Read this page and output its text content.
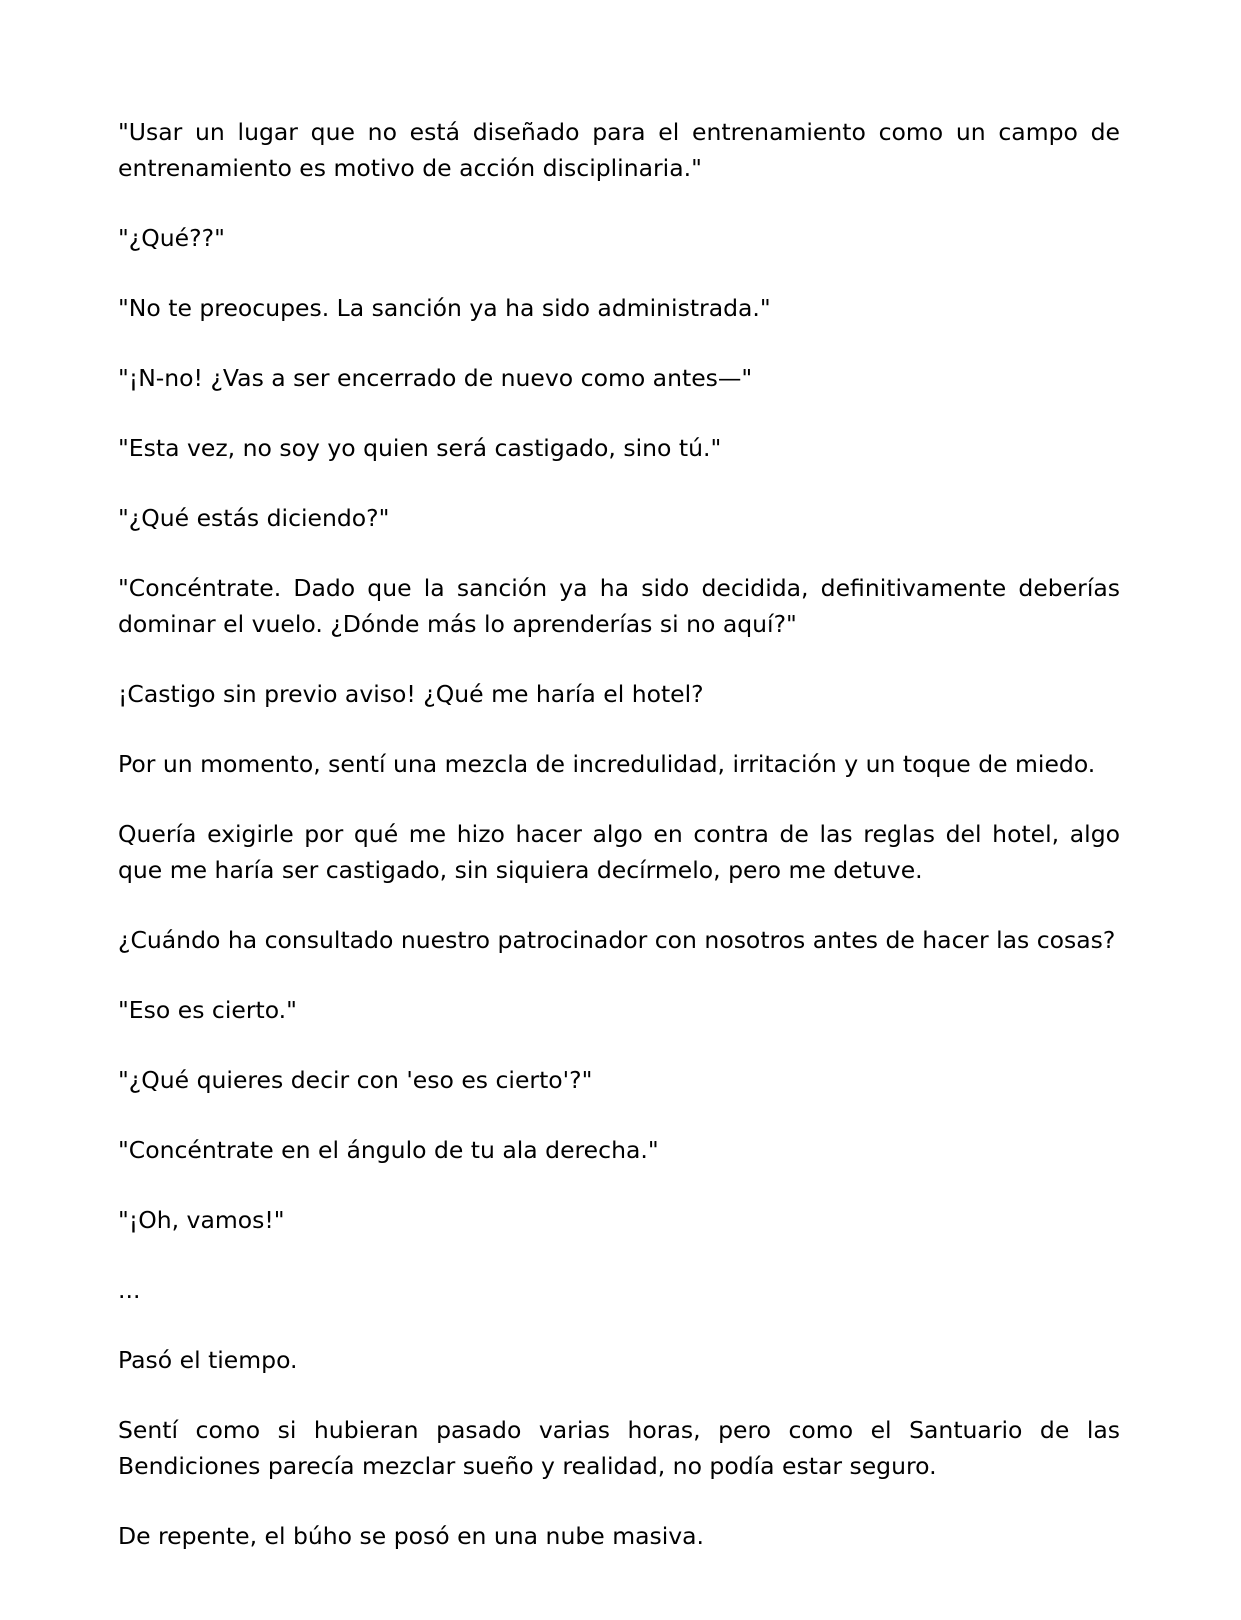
"Usar un lugar que no está diseñado para el entrenamiento como un campo de entrenamiento es motivo de acción disciplinaria."

"¿Qué??"

"No te preocupes. La sanción ya ha sido administrada."

"¡N-no! ¿Vas a ser encerrado de nuevo como antes—"

"Esta vez, no soy yo quien será castigado, sino tú."

"¿Qué estás diciendo?"

"Concéntrate. Dado que la sanción ya ha sido decidida, definitivamente deberías dominar el vuelo. ¿Dónde más lo aprenderías si no aquí?"

¡Castigo sin previo aviso! ¿Qué me haría el hotel?

Por un momento, sentí una mezcla de incredulidad, irritación y un toque de miedo.

Quería exigirle por qué me hizo hacer algo en contra de las reglas del hotel, algo que me haría ser castigado, sin siquiera decírmelo, pero me detuve.

¿Cuándo ha consultado nuestro patrocinador con nosotros antes de hacer las cosas?

"Eso es cierto."

"¿Qué quieres decir con 'eso es cierto'?"

"Concéntrate en el ángulo de tu ala derecha."

"¡Oh, vamos!"

...

Pasó el tiempo.

Sentí como si hubieran pasado varias horas, pero como el Santuario de las Bendiciones parecía mezclar sueño y realidad, no podía estar seguro.

De repente, el búho se posó en una nube masiva.
